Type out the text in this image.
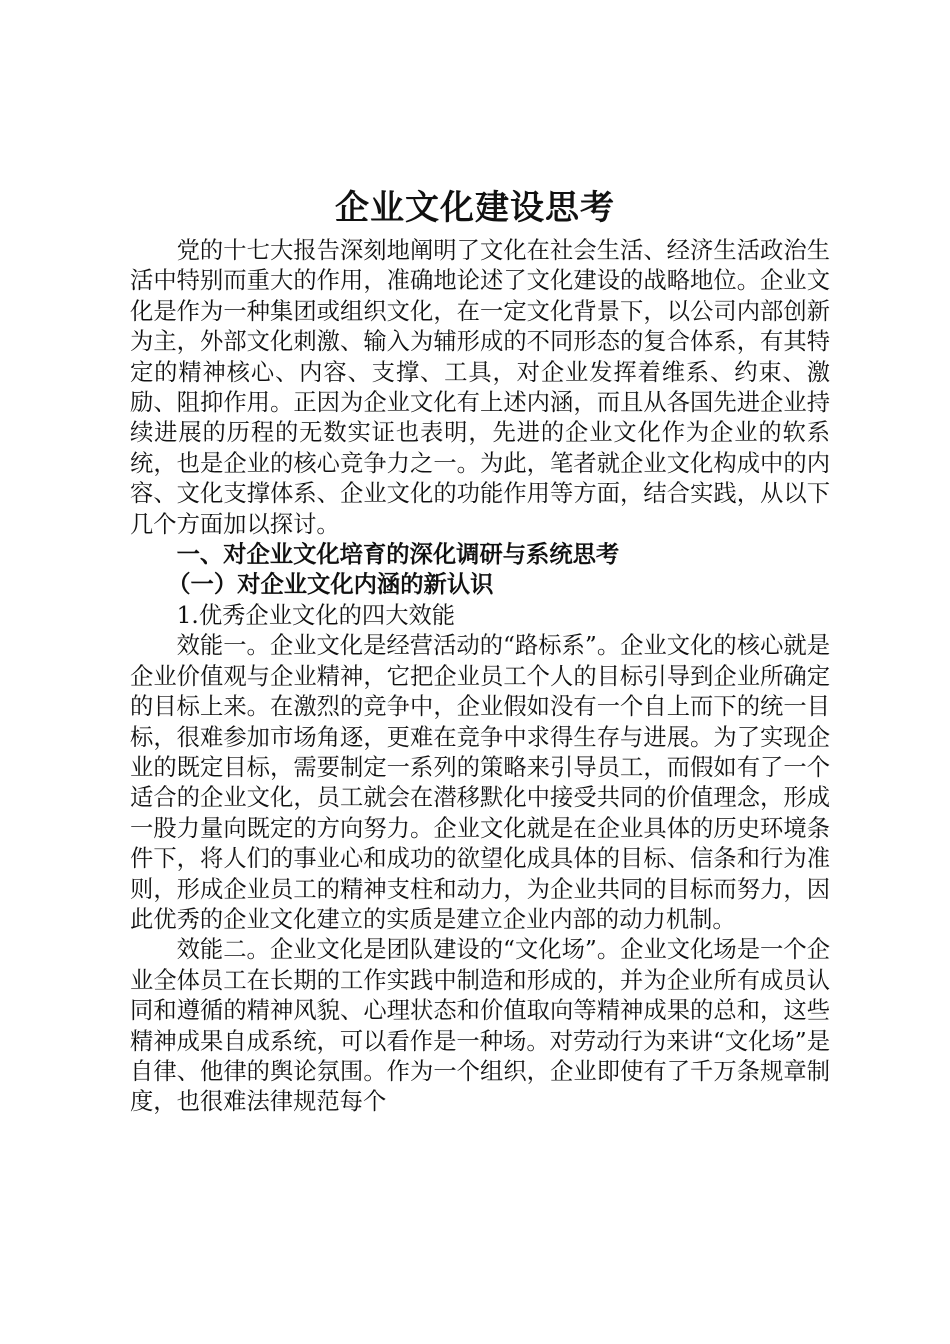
企业文化建设思考

党的十七大报告深刻地阐明了文化在社会生活、经济生活政治生活中特别而重大的作用，准确地论述了文化建设的战略地位。企业文化是作为一种集团或组织文化，在一定文化背景下，以公司内部创新为主，外部文化刺激、输入为辅形成的不同形态的复合体系，有其特定的精神核心、内容、支撑、工具，对企业发挥着维系、约束、激励、阻抑作用。正因为企业文化有上述内涵，而且从各国先进企业持续进展的历程的无数实证也表明，先进的企业文化作为企业的软系统，也是企业的核心竞争力之一。为此，笔者就企业文化构成中的内容、文化支撑体系、企业文化的功能作用等方面，结合实践，从以下几个方面加以探讨。

一、对企业文化培育的深化调研与系统思考

（一）对企业文化内涵的新认识

1.优秀企业文化的四大效能

效能一。企业文化是经营活动的“路标系”。企业文化的核心就是企业价值观与企业精神，它把企业员工个人的目标引导到企业所确定的目标上来。在激烈的竞争中，企业假如没有一个自上而下的统一目标，很难参加市场角逐，更难在竞争中求得生存与进展。为了实现企业的既定目标，需要制定一系列的策略来引导员工，而假如有了一个适合的企业文化，员工就会在潜移默化中接受共同的价值理念，形成一股力量向既定的方向努力。企业文化就是在企业具体的历史环境条件下，将人们的事业心和成功的欲望化成具体的目标、信条和行为准则，形成企业员工的精神支柱和动力，为企业共同的目标而努力，因此优秀的企业文化建立的实质是建立企业内部的动力机制。

效能二。企业文化是团队建设的“文化场”。企业文化场是一个企业全体员工在长期的工作实践中制造和形成的，并为企业所有成员认同和遵循的精神风貌、心理状态和价值取向等精神成果的总和，这些精神成果自成系统，可以看作是一种场。对劳动行为来讲“文化场”是自律、他律的舆论氛围。作为一个组织，企业即使有了千万条规章制度，也很难法律规范每个
